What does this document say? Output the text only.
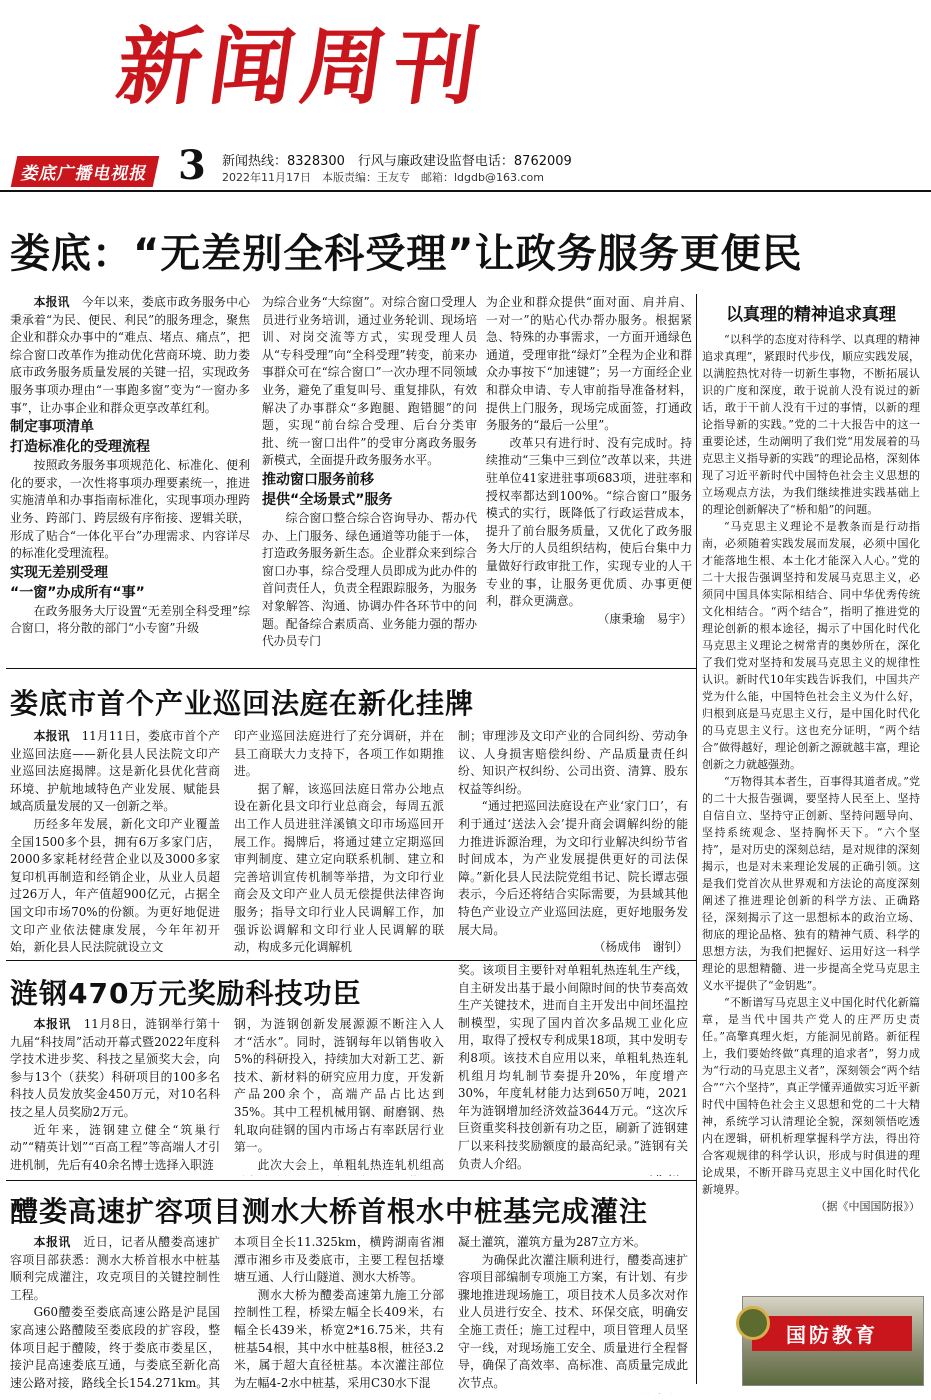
新闻周刊
娄底广播电视报 3 新闻热线：8328300　行风与廉政建设监督电话：8762009
2022年11月17日　本版责编：王友专　邮箱：ldgdb@163.com
娄底：“无差别全科受理”让政务服务更便民

本报讯　 今年以来，娄底市政务服务中心秉承着“为民、便民、利民”的服务理念，聚焦企业和群众办事中的“难点、堵点、痛点”，把综合窗口改革作为推动优化营商环境、助力娄底市政务服务质量发展的关键一招，实现政务服务事项办理由“一事跑多窗”变为“一窗办多事”，让办事企业和群众更享改革红利。

制定事项清单

打造标准化的受理流程

按照政务服务事项规范化、标准化、便利化的要求，一次性将事项办理要素统一，推进实施清单和办事指南标准化，实现事项办理跨业务、跨部门、跨层级有序衔接、逻辑关联，形成了贴合“一体化平台”办理需求、内容详尽的标准化受理流程。

实现无差别受理

“一窗”办成所有“事”

在政务服务大厅设置“无差别全科受理”综合窗口，将分散的部门“小专窗”升级

为综合业务“大综窗”。对综合窗口受理人员进行业务培训，通过业务轮训、现场培训、对岗交流等方式，实现受理人员从“专科受理”向“全科受理”转变，前来办事群众可在“综合窗口”一次办理不同领域业务，避免了重复叫号、重复排队，有效解决了办事群众“多跑腿、跑错腿”的问题，实现“前台综合受理、后台分类审批、统一窗口出件”的受审分离政务服务新模式，全面提升政务服务水平。

推动窗口服务前移

提供“全场景式”服务

综合窗口整合综合咨询导办、帮办代办、上门服务、绿色通道等功能于一体，打造政务服务新生态。企业群众来到综合窗口办事，综合受理人员即成为此办件的首问责任人，负责全程跟踪服务，为服务对象解答、沟通、协调办件各环节中的问题。配备综合素质高、业务能力强的帮办代办员专门

为企业和群众提供“面对面、肩并肩、一对一”的贴心代办帮办服务。根据紧急、特殊的办事需求，一方面开通绿色通道，受理审批“绿灯”全程为企业和群众办事按下“加速键”；另一方面经企业和群众申请、专人审前指导准备材料，提供上门服务，现场完成面签，打通政务服务的“最后一公里”。

改革只有进行时、没有完成时。持续推动“三集中三到位”改革以来，共进驻单位41家进驻事项683项，进驻率和授权率都达到100%。“综合窗口”服务模式的实行，既降低了行政运营成本，提升了前台服务质量，又优化了政务服务大厅的人员组织结构，使后台集中力量做好行政审批工作，实现专业的人干专业的事，让服务更优质、办事更便利，群众更满意。

（康秉瑜　易宇）

以真理的精神追求真理

“以科学的态度对待科学、以真理的精神追求真理”，紧跟时代步伐，顺应实践发展，以满腔热忱对待一切新生事物，不断拓展认识的广度和深度，敢于说前人没有说过的新话，敢于干前人没有干过的事情，以新的理论指导新的实践。”党的二十大报告中的这一重要论述，生动阐明了我们党“用发展着的马克思主义指导新的实践”的理论品格，深刻体现了习近平新时代中国特色社会主义思想的立场观点方法，为我们继续推进实践基础上的理论创新解决了“桥和船”的问题。

“马克思主义理论不是教条而是行动指南，必须随着实践发展而发展，必须中国化才能落地生根、本土化才能深入人心。”党的二十大报告强调坚持和发展马克思主义，必须同中国具体实际相结合、同中华优秀传统文化相结合。“两个结合”，指明了推进党的理论创新的根本途径，揭示了中国化时代化马克思主义理论之树常青的奥妙所在，深化了我们党对坚持和发展马克思主义的规律性认识。新时代10年实践告诉我们，中国共产党为什么能，中国特色社会主义为什么好，归根到底是马克思主义行，是中国化时代化的马克思主义行。这也充分证明，“两个结合”做得越好，理论创新之源就越丰富，理论创新之力就越强劲。

“万物得其本者生，百事得其道者成。”党的二十大报告强调，要坚持人民至上、坚持自信自立、坚持守正创新、坚持问题导向、坚持系统观念、坚持胸怀天下。“六个坚持”，是对历史的深刻总结，是对规律的深刻揭示，也是对未来理论发展的正确引领。这是我们党首次从世界观和方法论的高度深刻阐述了推进理论创新的科学方法、正确路径，深刻揭示了这一思想标本的政治立场、彻底的理论品格、独有的精神气质、科学的思想方法，为我们把握好、运用好这一科学理论的思想精髓、进一步提高全党马克思主义水平提供了“金钥匙”。

“不断谱写马克思主义中国化时代化新篇章，是当代中国共产党人的庄严历史责任。”高擎真理火炬，方能洞见前路。新征程上，我们要始终做“真理的追求者”，努力成为“行动的马克思主义者”，深刻领会“两个结合”“六个坚持”，真正学懂弄通做实习近平新时代中国特色社会主义思想和党的二十大精神，系统学习认清理论全貌，深刻领悟吃透内在逻辑，研机析理掌握科学方法，得出符合客观规律的科学认识，形成与时俱进的理论成果，不断开辟马克思主义中国化时代化新境界。

（据《中国国防报》）

娄底市首个产业巡回法庭在新化挂牌

本报讯　 11月11日，娄底市首个产业巡回法庭——新化县人民法院文印产业巡回法庭揭牌。这是新化县优化营商环境、护航地域特色产业发展、赋能县域高质量发展的又一创新之举。

历经多年发展，新化文印产业覆盖全国1500多个县，拥有6万多家门店，2000多家耗材经营企业以及3000多家复印机再制造和经销企业，从业人员超过26万人，年产值超900亿元，占据全国文印市场70%的份额。为更好地促进文印产业依法健康发展，今年年初开始，新化县人民法院就设立文

印产业巡回法庭进行了充分调研，并在县工商联大力支持下，各项工作如期推进。

据了解，该巡回法庭日常办公地点设在新化县文印行业总商会，每周五派出工作人员进驻洋溪镇文印市场巡回开展工作。揭牌后，将通过建立定期巡回审判制度、建立定向联系机制、建立和完善培训宣传机制等举措，为文印行业商会及文印产业人员无偿提供法律咨询服务；指导文印行业人民调解工作，加强诉讼调解和文印行业人民调解的联动，构成多元化调解机

制；审理涉及文印产业的合同纠纷、劳动争议、人身损害赔偿纠纷、产品质量责任纠纷、知识产权纠纷、公司出资、清算、股东权益等纠纷。

“通过把巡回法庭设在产业‘家门口’，有利于通过‘送法入会’提升商会调解纠纷的能力推进诉源治理，为文印行业解决纠纷节省时间成本，为产业发展提供更好的司法保障。”新化县人民法院党组书记、院长谭志强表示，今后还将结合实际需要，为县域其他特色产业设立产业巡回法庭，更好地服务发展大局。

（杨成伟　谢钊）

涟钢470万元奖励科技功臣

本报讯　 11月8日，涟钢举行第十九届“科技周”活动开幕式暨2022年度科学技术进步奖、科技之星颁奖大会，向参与13个（获奖）科研项目的100多名科技人员发放奖金450万元，对10名科技之星人员奖励2万元。

近年来，涟钢建立健全“筑巢行动”“精英计划”“百高工程”等高端人才引进机制，先后有40余名博士选择入职涟

钢，为涟钢创新发展源源不断注入人才“活水”。同时，涟钢每年以销售收入5%的科研投入，持续加大对新工艺、新技术、新材料的研究应用力度，开发新产品200余个，高端产品占比达到35%。其中工程机械用钢、耐磨钢、热轧取向硅钢的国内市场占有率跃居行业第一。

此次大会上，单粗轧热连轧机组高

奖。该项目主要针对单粗轧热连轧生产线，自主研发出基于最小间隙时间的快节奏高效生产关键技术，进而自主开发出中间坯温控制模型，实现了国内首次多品规工业化应用，取得了授权专利成果18项，其中发明专利8项。该技术自应用以来，单粗轧热连轧机组月均轧制节奏提升20%，年度增产30%，年度轧材能力达到650万吨，2021年为涟钢增加经济效益3644万元。“这次斥巨资重奖科技创新有功之臣，刷新了涟钢建厂以来科技奖励额度的最高纪录。”涟钢有关负责人介绍。

醴娄高速扩容项目测水大桥首根水中桩基完成灌注

本报讯　 近日，记者从醴娄高速扩容项目部获悉：测水大桥首根水中桩基顺利完成灌注，攻克项目的关键控制性工程。

G60醴娄至娄底高速公路是沪昆国家高速公路醴陵至娄底段的扩容段，整体项目起于醴陵，终于娄底市娄星区，接沪昆高速娄底互通，与娄底至新化高速公路对接，路线全长154.271km。其

本项目全长11.325km，横跨湖南省湘潭市湘乡市及娄底市，主要工程包括壕塘互通、人行山隧道、测水大桥等。

测水大桥为醴娄高速第九施工分部控制性工程，桥梁左幅全长409米，右幅全长439米，桥宽2*16.75米，共有桩基54根，其中水中桩基8根，桩径3.2米，属于超大直径桩基。本次灌注部位为左幅4-2水中桩基，采用C30水下混

凝土灌筑，灌筑方量为287立方米。

为确保此次灌注顺利进行，醴娄高速扩容项目部编制专项施工方案，有计划、有步骤地推进现场施工，项目技术人员多次对作业人员进行安全、技术、环保交底，明确安全施工责任；施工过程中，项目管理人员坚守一线，对现场施工安全、质量进行全程督导，确保了高效率、高标准、高质量完成此次节点。

国防教育
